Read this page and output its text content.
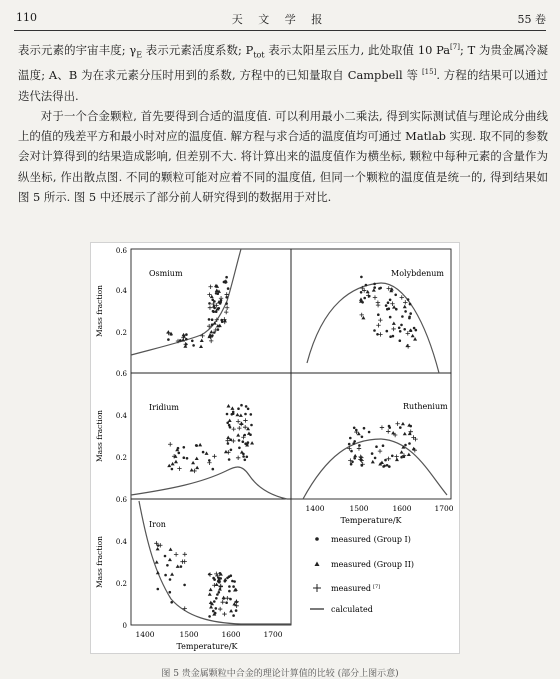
110	天 文 学 报	55 卷

表示元素的宇宙丰度; $\gamma_E$ 表示元素活度系数; $P_{tot}$ 表示太阳星云压力, 此处取值 10 Pa[7]; T 为贵金属冷凝温度; A、B 为在求元素分压时用到的系数, 方程中的已知量取自 Campbell 等 [15]. 方程的结果可以通过迭代法得出.

对于一个合金颗粒, 首先要得到合适的温度值. 可以利用最小二乘法, 得到实际测试值与理论成分曲线上的值的残差平方和最小时对应的温度值. 解方程与求合适的温度值均可通过 Matlab 实现. 取不同的参数会对计算得到的结果造成影响, 但差别不大. 将计算出来的温度值作为横坐标, 颗粒中每种元素的含量作为纵坐标, 作出散点图. 不同的颗粒可能对应着不同的温度值, 但同一个颗粒的温度值是统一的, 得到结果如图 5 所示. 图 5 中还展示了部分前人研究得到的数据用于对比.

Osmium	Molybdenum
Iridium	Ruthenium
Iron
0.6
0.4
0.2
0.6
0.4
0.2
0.6
0.4
0.2
0
Mass fraction
Mass fraction
Mass fraction
1400	1500	1600	1700
Temperature/K
1400	1500	1600	1700
Temperature/K
measured (Group I)
measured (Group II)
measured [7]
calculated
图 5 贵金属颗粒中合金的理论计算值的比较 (部分上图示意)
